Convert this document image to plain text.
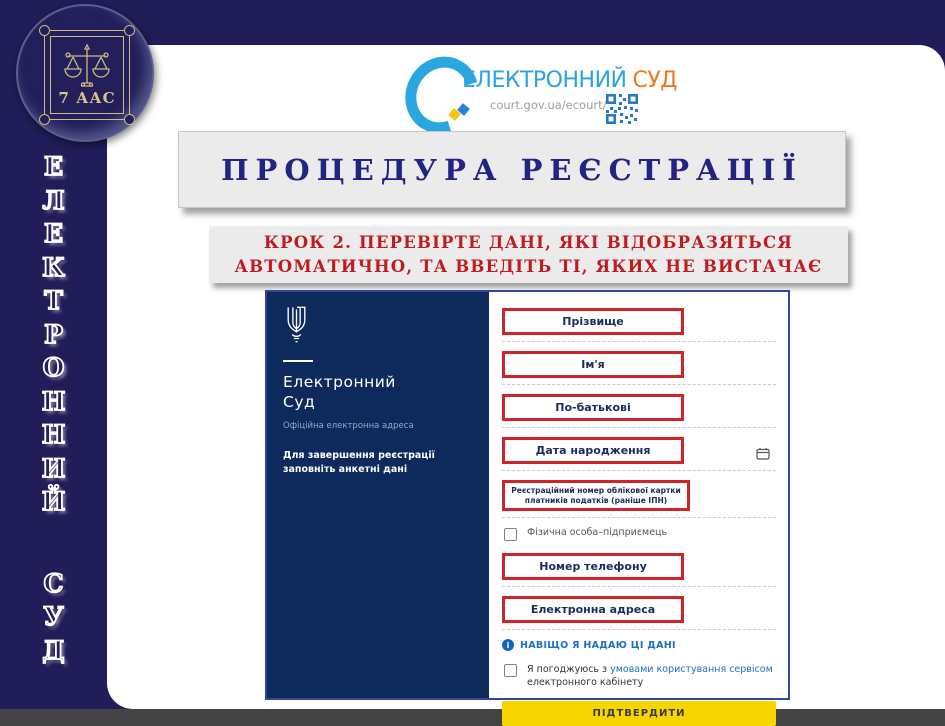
7 ААС
Е
Л
Е
К
Т
Р
О
Н
Н
И
Й
С
У
Д
ЕЛЕКТРОННИЙ СУД
court.gov.ua/ecourt/
ПРОЦЕДУРА РЕЄСТРАЦІЇ
КРОК 2. ПЕРЕВІРТЕ ДАНІ, ЯКІ ВІДОБРАЗЯТЬСЯ
АВТОМАТИЧНО, ТА ВВЕДІТЬ ТІ, ЯКИХ НЕ ВИСТАЧАЄ
Електронний
Суд
Офіційна електронна адреса
Для завершення реєстрації заповніть анкетні дані
Прізвище
Ім'я
По-батькові
Дата народження
Реєстраційний номер облікової картки платників податків (раніше ІПН)
Фізична особа–підприємець
Номер телефону
Електронна адреса
i	НАВІЩО Я НАДАЮ ЦІ ДАНІ
Я погоджуюсь з умовами користування сервісом електронного кабінету
ПІДТВЕРДИТИ
